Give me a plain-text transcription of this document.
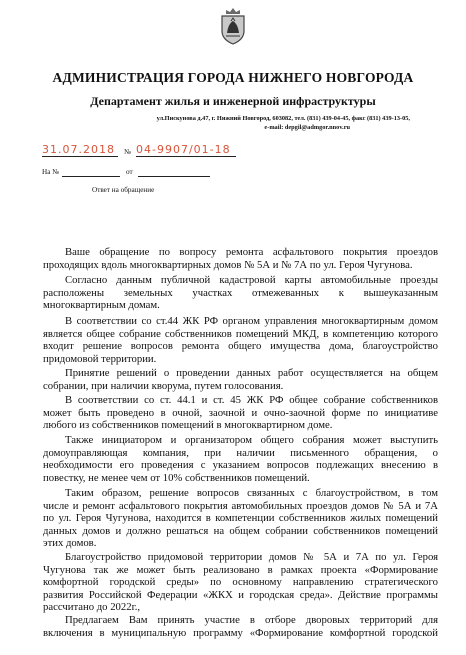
АДМИНИСТРАЦИЯ ГОРОДА НИЖНЕГО НОВГОРОДА
Департамент жилья и инженерной инфраструктуры
ул.Пискунова д.47, г. Нижний Новгород, 603082, тел. (831) 439-04-45, факс (831) 439-13-05,
e-mail: depgil@admgor.nnov.ru
31.07.2018	№ 04-9907/01-18
На №	от
Ответ на обращение
Ваше обращение по вопросу ремонта асфальтового покрытия проездов
проходящих вдоль многоквартирных домов № 5А и № 7А по ул. Героя Чугунова.
Согласно данным публичной кадастровой карты автомобильные проезды
расположены земельных участках отмежеванных к вышеуказанным
многоквартирным домам.
В соответствии со ст.44 ЖК РФ органом управления многоквартирным домом
является общее собрание собственников помещений МКД, в компетенцию которого
входит решение вопросов ремонта общего имущества дома, благоустройство
придомовой территории.
Принятие решений о проведении данных работ осуществляется на общем
собрании, при наличии кворума, путем голосования.
В соответствии со ст. 44.1 и ст. 45 ЖК РФ общее собрание собственников
может быть проведено в очной, заочной и очно-заочной форме по инициативе
любого из собственников помещений в многоквартирном доме.
Также инициатором и организатором общего собрания может выступить
домоуправляющая компания, при наличии письменного обращения, о
необходимости его проведения с указанием вопросов подлежащих внесению в
повестку, не менее чем от 10% собственников помещений.
Таким образом, решение вопросов связанных с благоустройством, в том
числе и ремонт асфальтового покрытия автомобильных проездов домов № 5А и 7А
по ул. Героя Чугунова, находится в компетенции собственников жилых помещений
данных домов и должно решаться на общем собрании собственников помещений
этих домов.
Благоустройство придомовой территории домов № 5А и 7А по ул. Героя
Чугунова так же может быть реализовано в рамках проекта «Формирование
комфортной городской среды» по основному направлению стратегического
развития Российской Федерации «ЖКХ и городская среда». Действие программы
рассчитано до 2022г.,
Предлагаем Вам принять участие в отборе дворовых территорий для
включения в муниципальную программу «Формирование комфортной городской
